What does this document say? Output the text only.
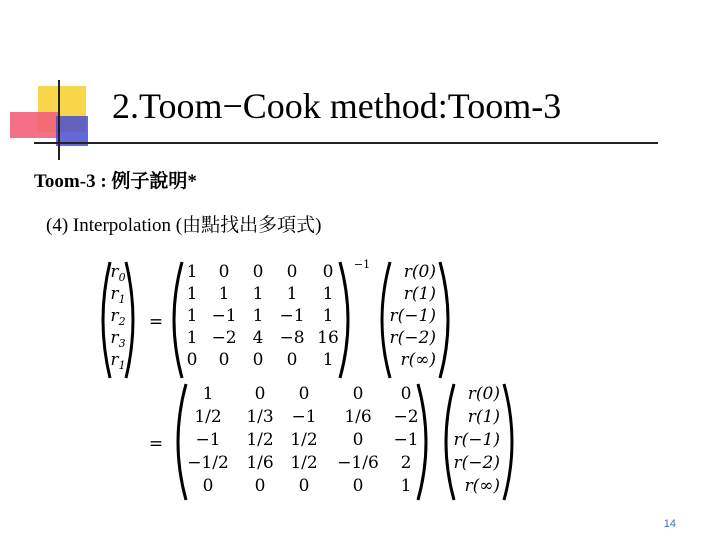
2.Toom−Cook method:Toom-3
Toom-3 : 例子說明*
(4) Interpolation (由點找出多項式)
$r_0$
$r_1$
$r_2$
$r_3$
$r_1$
=
−1
1 0 0 0 0
1 1 1 1 1
1 −1 1 −1 1
1 −2 4 −8 16
0 0 0 0 1
r(0)
r(1)
r(−1)
r(−2)
r(∞)
=
1 0 0	0 0
1/2 1/3 −1 1/6 −2
−1 1/2 1/2 0 −1
−1/2 1/6 1/2 −1/6 2
0 0 0	0 1
r(0)
r(1)
r(−1)
r(−2)
r(∞)
14
